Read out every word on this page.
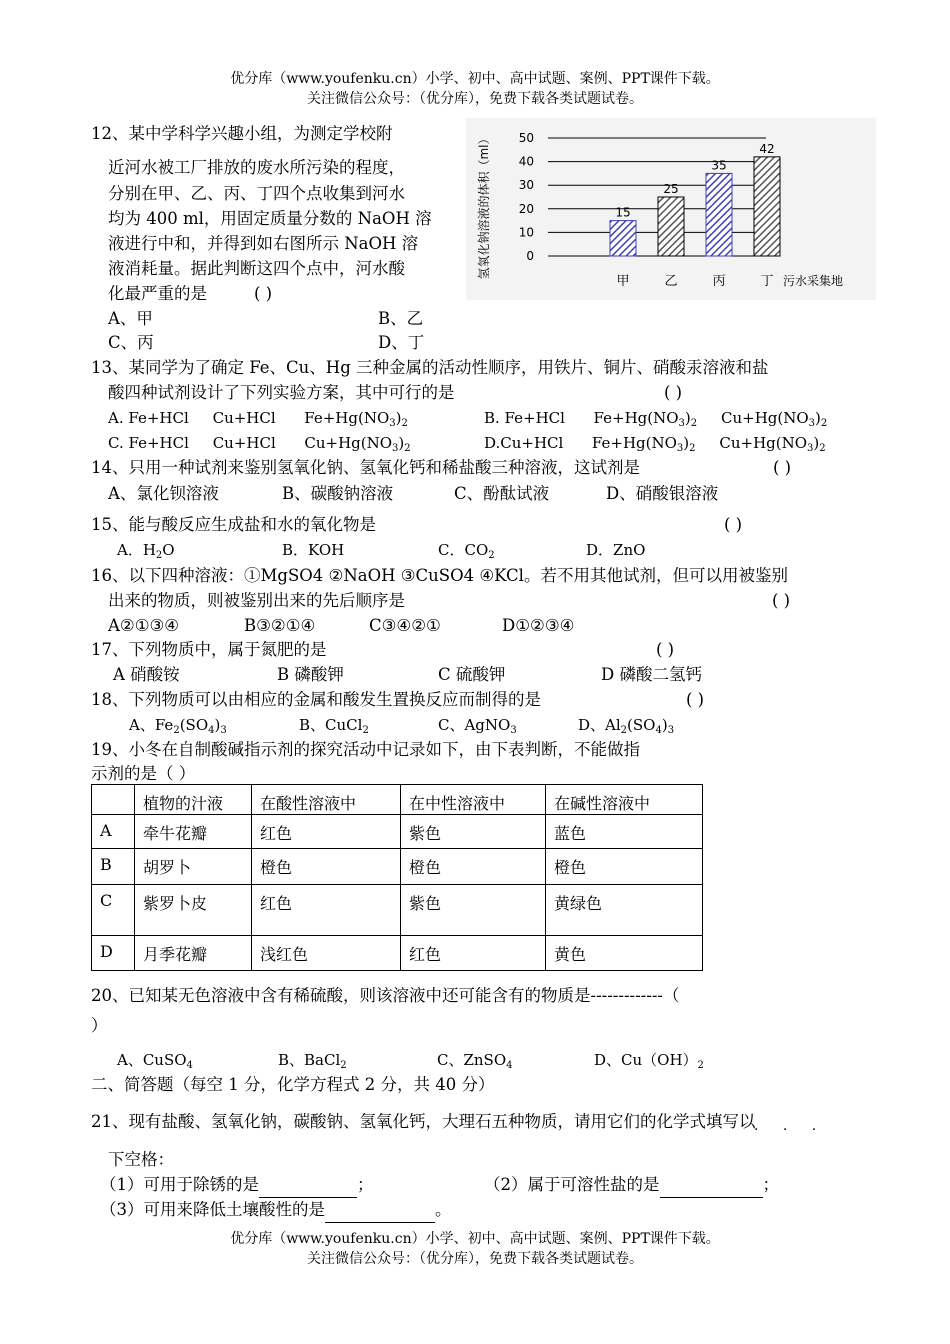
优分库（www.youfenku.cn）小学、初中、高中试题、案例、PPT课件下载。
关注微信公众号：（优分库），免费下载各类试题试卷。
12、某中学科学兴趣小组，为测定学校附
近河水被工厂排放的废水所污染的程度，
分别在甲、乙、丙、丁四个点收集到河水
均为 400 ml，用固定质量分数的 NaOH 溶
液进行中和，并得到如右图所示 NaOH 溶
液消耗量。据此判断这四个点中，河水酸
化最严重的是	( )
A、甲	B、乙
C、丙	D、丁
0
10
20
30
40
50
15
甲
25
乙
35
丙
42
丁
氢氧化钠溶液的体积（ml）
污水采集地
13、某同学为了确定 Fe、Cu、Hg 三种金属的活动性顺序，用铁片、铜片、硝酸汞溶液和盐
酸四种试剂设计了下列实验方案，其中可行的是	( )
A. Fe+HCl     Cu+HCl      $Fe+Hg(NO_3)_2$	B. Fe+HCl      $Fe+Hg(NO_3)_2$     $Cu+Hg(NO_3)_2$
C. Fe+HCl     Cu+HCl      $Cu+Hg(NO_3)_2$	D.Cu+HCl      $Fe+Hg(NO_3)_2$     $Cu+Hg(NO_3)_2$
14、只用一种试剂来鉴别氢氧化钠、氢氧化钙和稀盐酸三种溶液，这试剂是	( )
A、氯化钡溶液	B、碳酸钠溶液	C、酚酞试液	D、硝酸银溶液
15、能与酸反应生成盐和水的氧化物是	( )
A．$H_2O$	B．KOH	C．$CO_2$	D．ZnO
16、以下四种溶液：①MgSO4 ②NaOH ③CuSO4 ④KCl。若不用其他试剂，但可以用被鉴别
出来的物质，则被鉴别出来的先后顺序是	( )
A②①③④	B③②①④	C③④②①	D①②③④
17、下列物质中，属于氮肥的是	( )
A 硝酸铵	B 磷酸钾	C 硫酸钾	D 磷酸二氢钙
18、下列物质可以由相应的金属和酸发生置换反应而制得的是	( )
A、$Fe_2(SO_4)_3$	B、CuCl$_2$	C、AgNO$_3$	D、$Al_2(SO_4)_3$
19、小冬在自制酸碱指示剂的探究活动中记录如下，由下表判断，不能做指
示剂的是（ ）
	植物的汁液	在酸性溶液中	在中性溶液中	在碱性溶液中
A	牵牛花瓣	红色	紫色	蓝色
B	胡罗卜	橙色	橙色	橙色
C	紫罗卜皮	红色	紫色	黄绿色
D	月季花瓣	浅红色	红色	黄色
20、已知某无色溶液中含有稀硫酸，则该溶液中还可能含有的物质是-------------（
）
A、CuSO$_4$	B、BaCl$_2$	C、ZnSO$_4$	D、$Cu(OH)_2$
二、简答题（每空 1 分，化学方程式 2 分，共 40 分）
21、现有盐酸、氢氧化钠，碳酸钠、氢氧化钙，大理石五种物质，请用它们的化学式填写以
· · ·
下空格：
（1）可用于除锈的是	；	（2）属于可溶性盐的是	；
（3）可用来降低土壤酸性的是	。
优分库（www.youfenku.cn）小学、初中、高中试题、案例、PPT课件下载。
关注微信公众号：（优分库），免费下载各类试题试卷。
